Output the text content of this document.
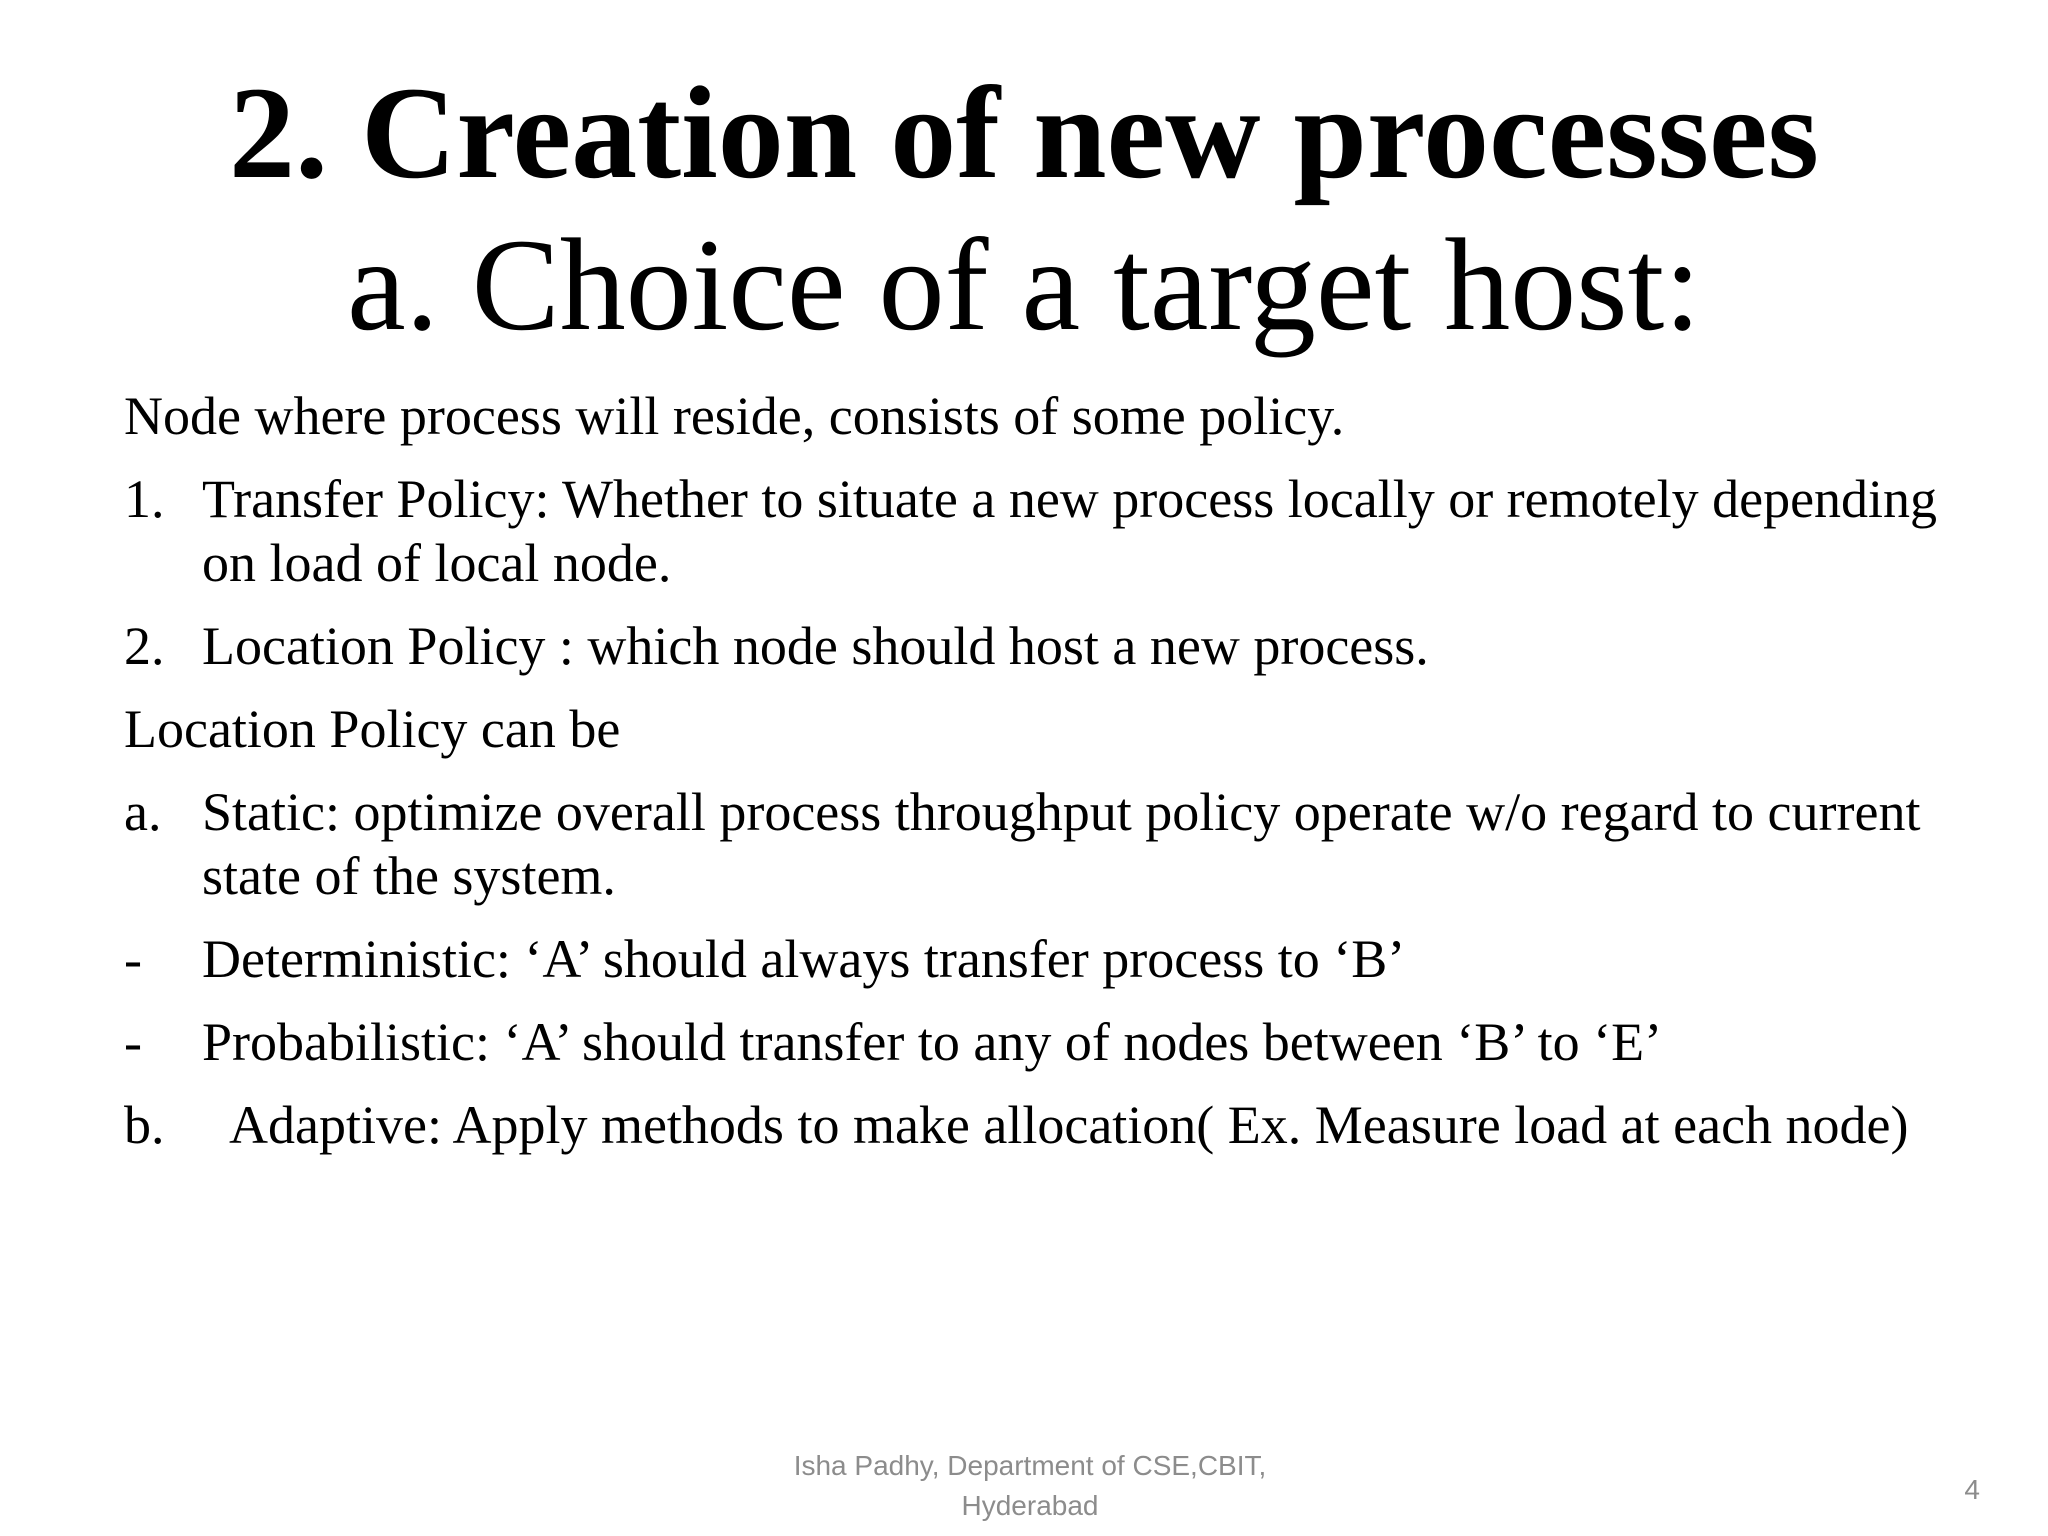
2. Creation of new processes
a. Choice of a target host:
Node where process will reside, consists of some policy.
1. Transfer Policy: Whether to situate a new process locally or remotely depending on load of local node.
2. Location Policy : which node should host a new process.
Location Policy can be
a. Static: optimize overall process throughput policy operate w/o regard to current state of the system.
-	Deterministic: ‘A’ should always transfer process to ‘B’
-	Probabilistic: ‘A’ should transfer to any of nodes between ‘B’ to ‘E’
b. Adaptive: Apply methods to make allocation( Ex. Measure load at each node)
Isha Padhy, Department of CSE,CBIT, Hyderabad
4
